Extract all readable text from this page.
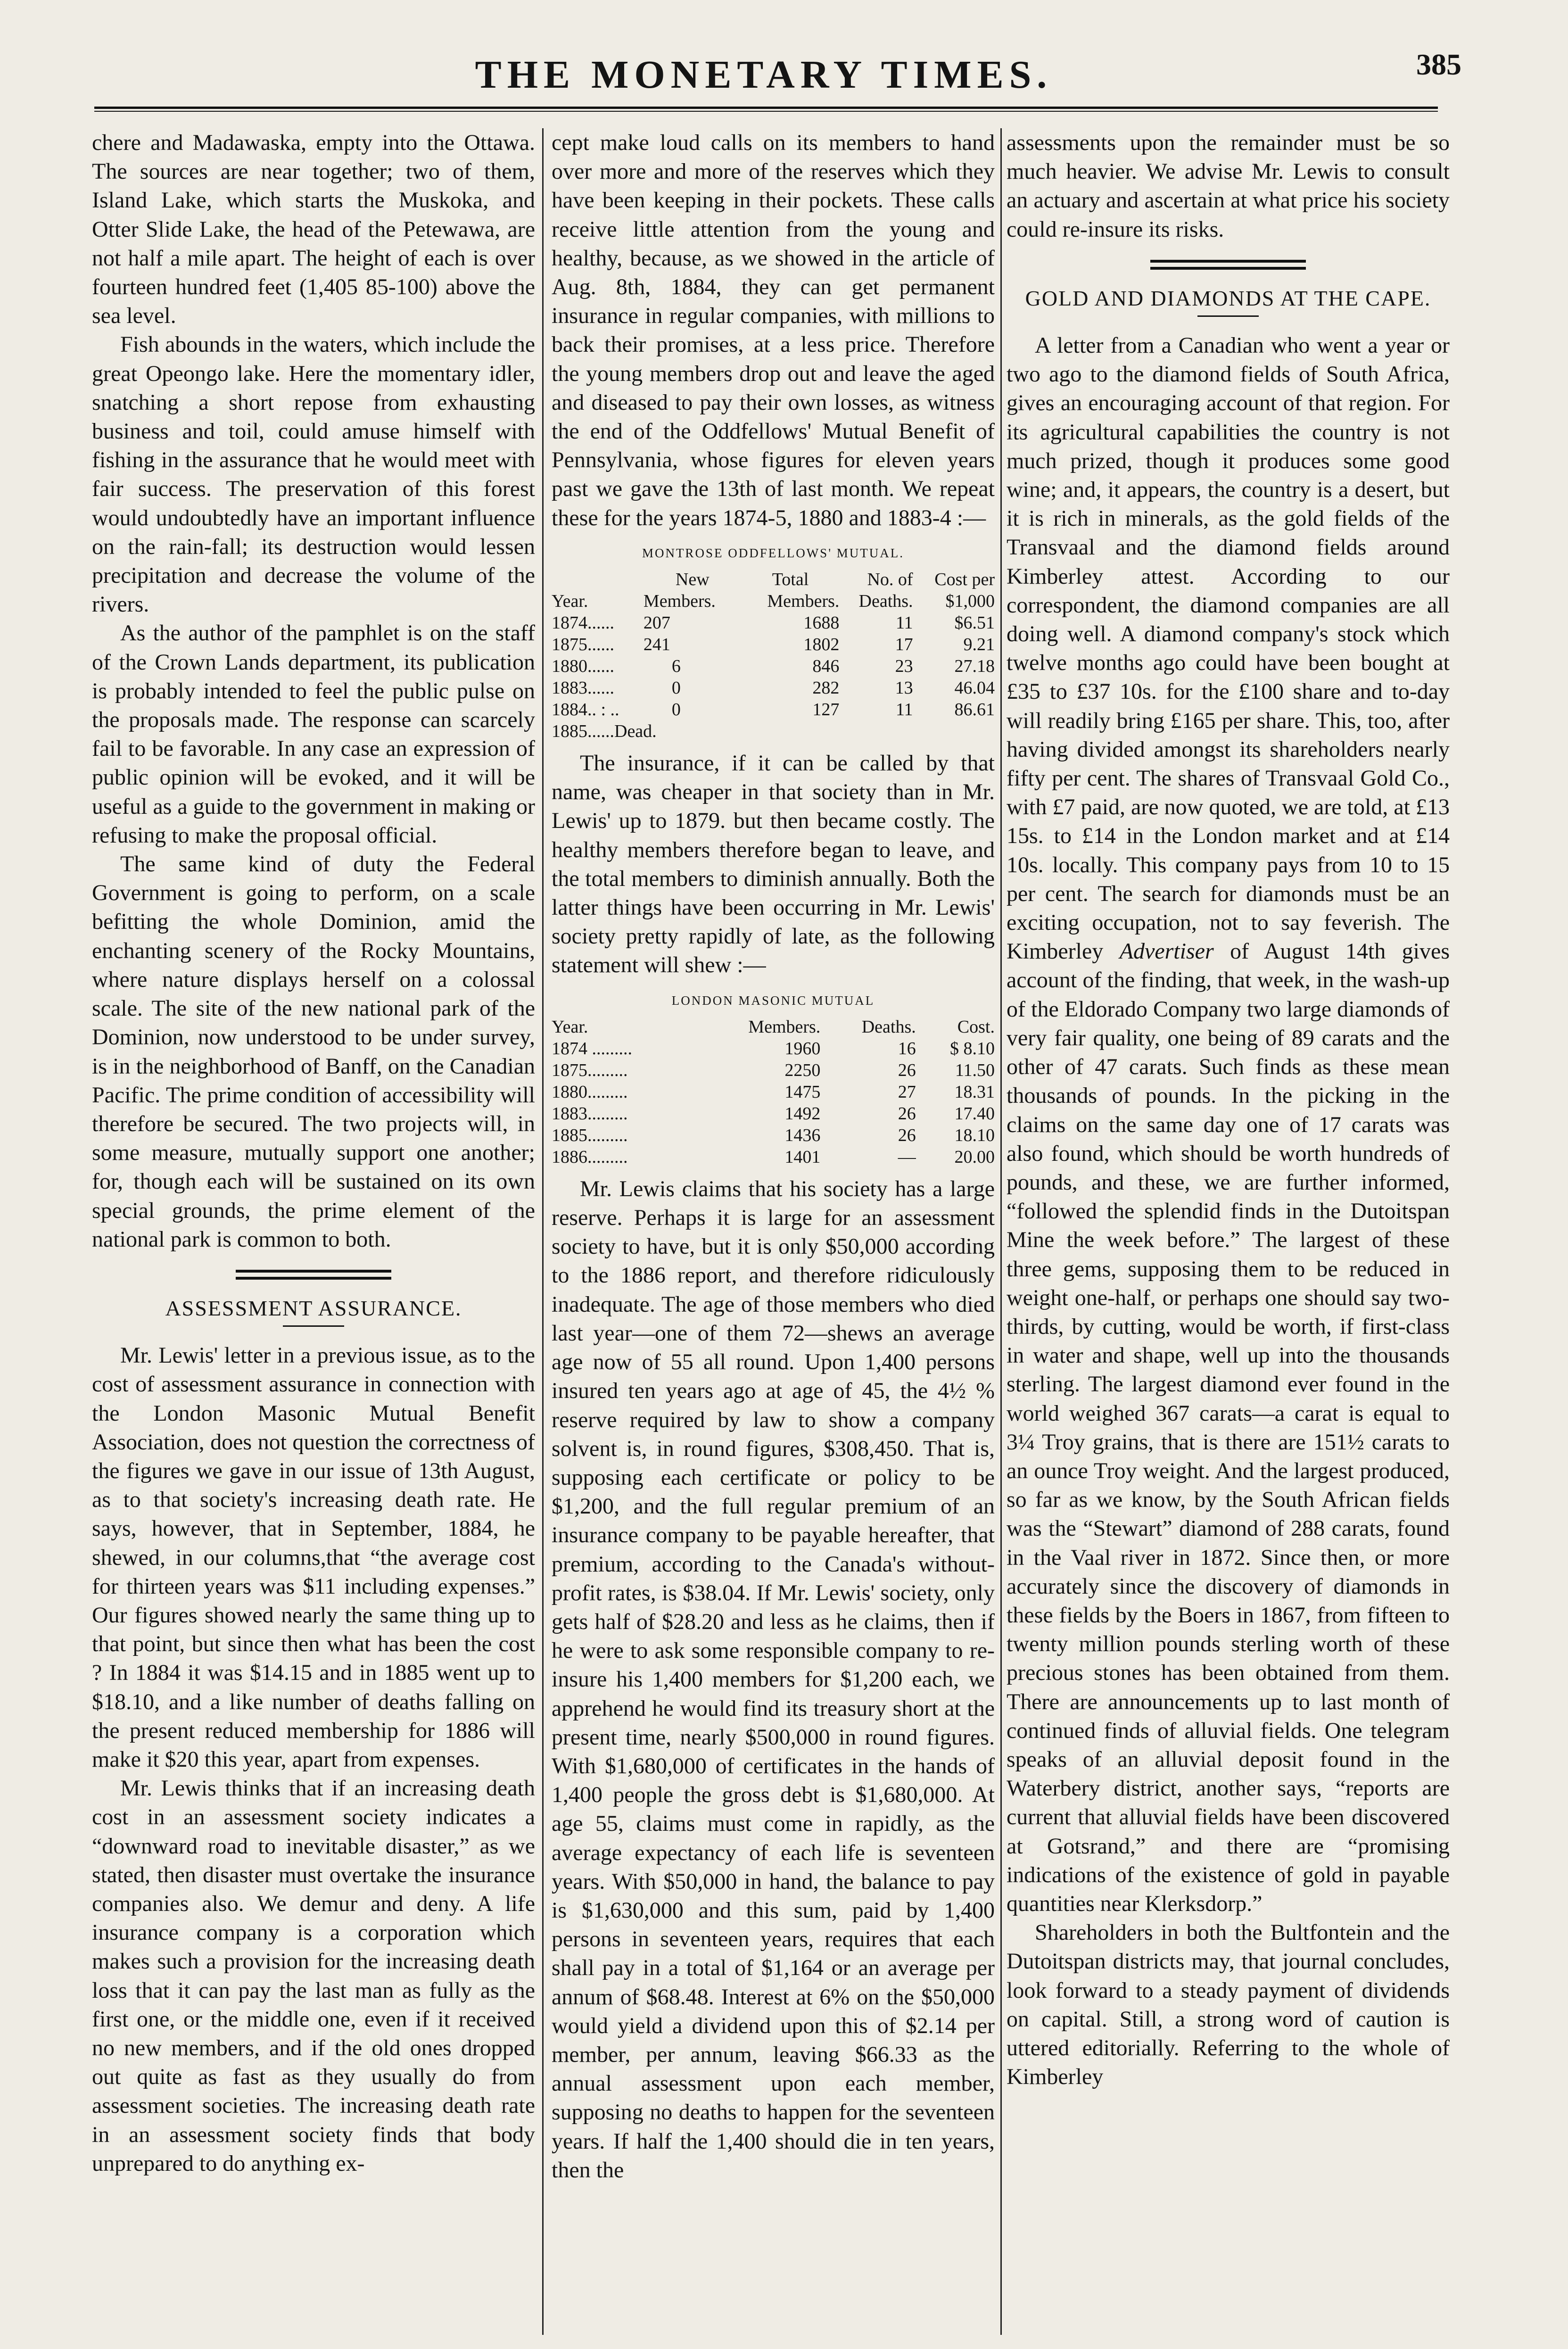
THE MONETARY TIMES.	385

chere and Madawaska, empty into the Ottawa. The sources are near together; two of them, Island Lake, which starts the Muskoka, and Otter Slide Lake, the head of the Petewawa, are not half a mile apart. The height of each is over fourteen hundred feet (1,405 85-100) above the sea level.

Fish abounds in the waters, which include the great Opeongo lake. Here the momentary idler, snatching a short repose from exhausting business and toil, could amuse himself with fishing in the assurance that he would meet with fair success. The preservation of this forest would undoubtedly have an important influence on the rain-fall; its destruction would lessen precipitation and decrease the volume of the rivers.

As the author of the pamphlet is on the staff of the Crown Lands department, its publication is probably intended to feel the public pulse on the proposals made. The response can scarcely fail to be favorable. In any case an expression of public opinion will be evoked, and it will be useful as a guide to the government in making or refusing to make the proposal official.

The same kind of duty the Federal Government is going to perform, on a scale befitting the whole Dominion, amid the enchanting scenery of the Rocky Mountains, where nature displays herself on a colossal scale. The site of the new national park of the Dominion, now understood to be under survey, is in the neighborhood of Banff, on the Canadian Pacific. The prime condition of accessibility will therefore be secured. The two projects will, in some measure, mutually support one another; for, though each will be sustained on its own special grounds, the prime element of the national park is common to both.

ASSESSMENT ASSURANCE.

Mr. Lewis' letter in a previous issue, as to the cost of assessment assurance in connection with the London Masonic Mutual Benefit Association, does not question the correctness of the figures we gave in our issue of 13th August, as to that society's increasing death rate. He says, however, that in September, 1884, he shewed, in our columns,that “the average cost for thirteen years was $11 including expenses.” Our figures showed nearly the same thing up to that point, but since then what has been the cost ? In 1884 it was $14.15 and in 1885 went up to $18.10, and a like number of deaths falling on the present reduced membership for 1886 will make it $20 this year, apart from expenses.

Mr. Lewis thinks that if an increasing death cost in an assessment society indicates a “downward road to inevitable disaster,” as we stated, then disaster must overtake the insurance companies also. We demur and deny. A life insurance company is a corporation which makes such a provision for the increasing death loss that it can pay the last man as fully as the first one, or the middle one, even if it received no new members, and if the old ones dropped out quite as fast as they usually do from assessment societies. The increasing death rate in an assessment society finds that body unprepared to do anything ex-

cept make loud calls on its members to hand over more and more of the reserves which they have been keeping in their pockets. These calls receive little attention from the young and healthy, because, as we showed in the article of Aug. 8th, 1884, they can get permanent insurance in regular companies, with millions to back their promises, at a less price. Therefore the young members drop out and leave the aged and diseased to pay their own losses, as witness the end of the Oddfellows' Mutual Benefit of Pennsylvania, whose figures for eleven years past we gave the 13th of last month. We repeat these for the years 1874-5, 1880 and 1883-4 :—

MONTROSE ODDFELLOWS' MUTUAL.
	New	Total	No. of	Cost per
Year.	Members.	Members.	Deaths.	$1,000
1874......	207	1688	11	$6.51
1875......	241	1802	17	9.21
1880......	6	846	23	27.18
1883......	0	282	13	46.04
1884.. : ..	0	127	11	86.61
1885......Dead.				

The insurance, if it can be called by that name, was cheaper in that society than in Mr. Lewis' up to 1879. but then became costly. The healthy members therefore began to leave, and the total members to diminish annually. Both the latter things have been occurring in Mr. Lewis' society pretty rapidly of late, as the following statement will shew :—

LONDON MASONIC MUTUAL
Year.	Members.	Deaths.	Cost.
1874 .........	1960	16	$ 8.10
1875.........	2250	26	11.50
1880.........	1475	27	18.31
1883.........	1492	26	17.40
1885.........	1436	26	18.10
1886.........	1401	—	20.00

Mr. Lewis claims that his society has a large reserve. Perhaps it is large for an assessment society to have, but it is only $50,000 according to the 1886 report, and therefore ridiculously inadequate. The age of those members who died last year—one of them 72—shews an average age now of 55 all round. Upon 1,400 persons insured ten years ago at age of 45, the 4½ % reserve required by law to show a company solvent is, in round figures, $308,450. That is, supposing each certificate or policy to be $1,200, and the full regular premium of an insurance company to be payable hereafter, that premium, according to the Canada's without-profit rates, is $38.04. If Mr. Lewis' society, only gets half of $28.20 and less as he claims, then if he were to ask some responsible company to re-insure his 1,400 members for $1,200 each, we apprehend he would find its treasury short at the present time, nearly $500,000 in round figures. With $1,680,000 of certificates in the hands of 1,400 people the gross debt is $1,680,000. At age 55, claims must come in rapidly, as the average expectancy of each life is seventeen years. With $50,000 in hand, the balance to pay is $1,630,000 and this sum, paid by 1,400 persons in seventeen years, requires that each shall pay in a total of $1,164 or an average per annum of $68.48. Interest at 6% on the $50,000 would yield a dividend upon this of $2.14 per member, per annum, leaving $66.33 as the annual assessment upon each member, supposing no deaths to happen for the seventeen years. If half the 1,400 should die in ten years, then the

assessments upon the remainder must be so much heavier. We advise Mr. Lewis to consult an actuary and ascertain at what price his society could re-insure its risks.

GOLD AND DIAMONDS AT THE CAPE.

A letter from a Canadian who went a year or two ago to the diamond fields of South Africa, gives an encouraging account of that region. For its agricultural capabilities the country is not much prized, though it produces some good wine; and, it appears, the country is a desert, but it is rich in minerals, as the gold fields of the Transvaal and the diamond fields around Kimberley attest. According to our correspondent, the diamond companies are all doing well. A diamond company's stock which twelve months ago could have been bought at £35 to £37 10s. for the £100 share and to-day will readily bring £165 per share. This, too, after having divided amongst its shareholders nearly fifty per cent. The shares of Transvaal Gold Co., with £7 paid, are now quoted, we are told, at £13 15s. to £14 in the London market and at £14 10s. locally. This company pays from 10 to 15 per cent. The search for diamonds must be an exciting occupation, not to say feverish. The Kimberley Advertiser of August 14th gives account of the finding, that week, in the wash-up of the Eldorado Company two large diamonds of very fair quality, one being of 89 carats and the other of 47 carats. Such finds as these mean thousands of pounds. In the picking in the claims on the same day one of 17 carats was also found, which should be worth hundreds of pounds, and these, we are further informed, “followed the splendid finds in the Dutoitspan Mine the week before.” The largest of these three gems, supposing them to be reduced in weight one-half, or perhaps one should say two-thirds, by cutting, would be worth, if first-class in water and shape, well up into the thousands sterling. The largest diamond ever found in the world weighed 367 carats—a carat is equal to 3¼ Troy grains, that is there are 151½ carats to an ounce Troy weight. And the largest produced, so far as we know, by the South African fields was the “Stewart” diamond of 288 carats, found in the Vaal river in 1872. Since then, or more accurately since the discovery of diamonds in these fields by the Boers in 1867, from fifteen to twenty million pounds sterling worth of these precious stones has been obtained from them. There are announcements up to last month of continued finds of alluvial fields. One telegram speaks of an alluvial deposit found in the Waterbery district, another says, “reports are current that alluvial fields have been discovered at Gotsrand,” and there are “promising indications of the existence of gold in payable quantities near Klerksdorp.”

Shareholders in both the Bultfontein and the Dutoitspan districts may, that journal concludes, look forward to a steady payment of dividends on capital. Still, a strong word of caution is uttered editorially. Referring to the whole of Kimberley
